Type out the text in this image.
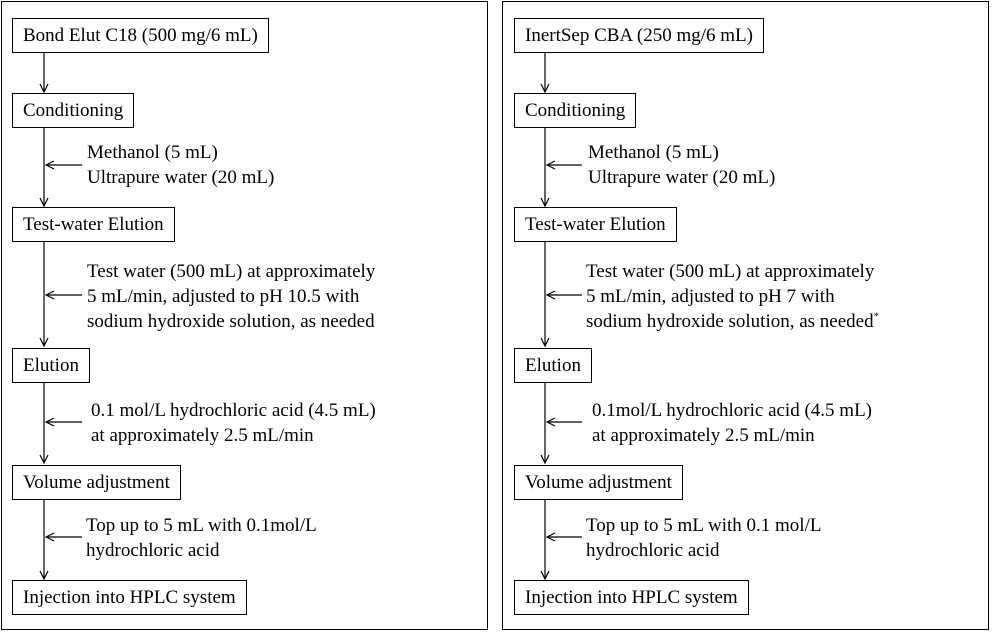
Bond Elut C18 (500 mg/6 mL)
Conditioning
Test-water Elution
Elution
Volume adjustment
Injection into HPLC system
Methanol (5 mL)
Ultrapure water (20 mL)
Test water (500 mL) at approximately
5 mL/min, adjusted to pH 10.5 with
sodium hydroxide solution, as needed
0.1 mol/L hydrochloric acid (4.5 mL)
at approximately 2.5 mL/min
Top up to 5 mL with 0.1mol/L
hydrochloric acid
InertSep CBA (250 mg/6 mL)
Conditioning
Test-water Elution
Elution
Volume adjustment
Injection into HPLC system
Methanol (5 mL)
Ultrapure water (20 mL)
Test water (500 mL) at approximately
5 mL/min, adjusted to pH 7 with
sodium hydroxide solution, as needed*
0.1mol/L hydrochloric acid (4.5 mL)
at approximately 2.5 mL/min
Top up to 5 mL with 0.1 mol/L
hydrochloric acid
